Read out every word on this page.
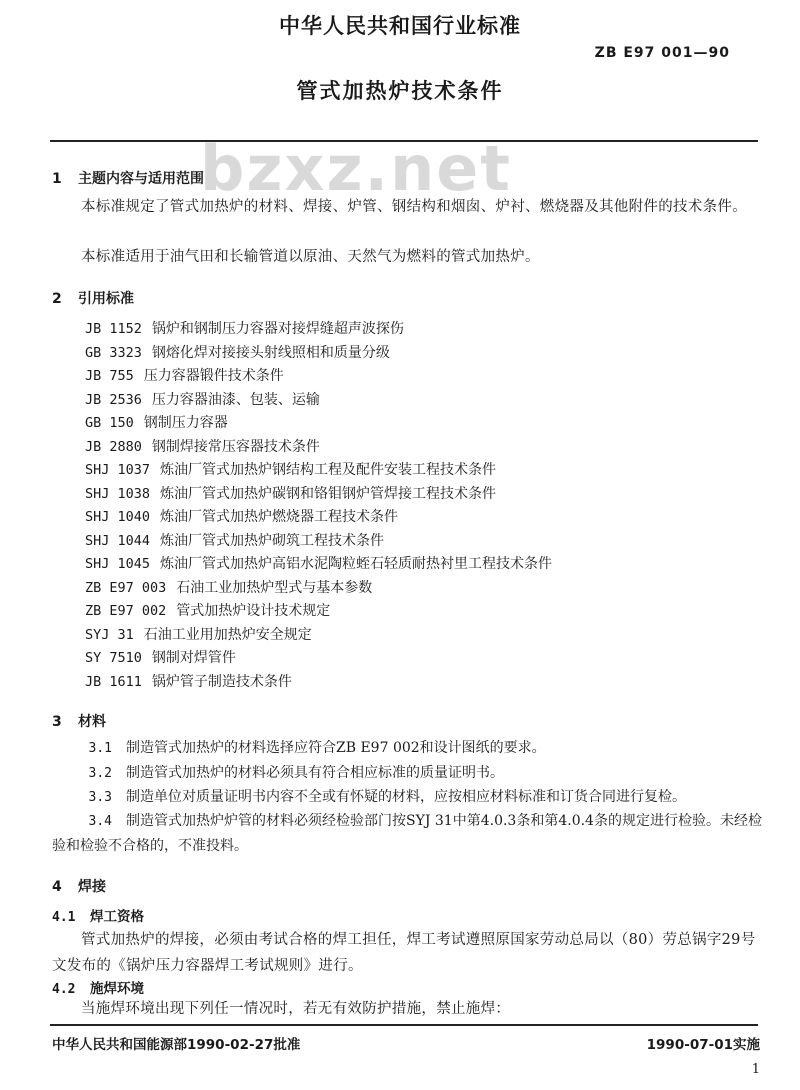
中华人民共和国行业标准
ZB E97 001—90
管式加热炉技术条件
bzxz.net
1 主题内容与适用范围
本标准规定了管式加热炉的材料、焊接、炉管、钢结构和烟囱、炉衬、燃烧器及其他附件的技术条件。
本标准适用于油气田和长输管道以原油、天然气为燃料的管式加热炉。
2 引用标准
JB 1152 锅炉和钢制压力容器对接焊缝超声波探伤
GB 3323 钢熔化焊对接接头射线照相和质量分级
JB 755 压力容器锻件技术条件
JB 2536 压力容器油漆、包装、运输
GB 150 钢制压力容器
JB 2880 钢制焊接常压容器技术条件
SHJ 1037 炼油厂管式加热炉钢结构工程及配件安装工程技术条件
SHJ 1038 炼油厂管式加热炉碳钢和铬钼钢炉管焊接工程技术条件
SHJ 1040 炼油厂管式加热炉燃烧器工程技术条件
SHJ 1044 炼油厂管式加热炉砌筑工程技术条件
SHJ 1045 炼油厂管式加热炉高铝水泥陶粒蛭石轻质耐热衬里工程技术条件
ZB E97 003 石油工业加热炉型式与基本参数
ZB E97 002 管式加热炉设计技术规定
SYJ 31 石油工业用加热炉安全规定
SY 7510 钢制对焊管件
JB 1611 锅炉管子制造技术条件
3 材料
3.1 制造管式加热炉的材料选择应符合ZB E97 002和设计图纸的要求。
3.2 制造管式加热炉的材料必须具有符合相应标准的质量证明书。
3.3 制造单位对质量证明书内容不全或有怀疑的材料，应按相应材料标准和订货合同进行复检。
3.4 制造管式加热炉炉管的材料必须经检验部门按SYJ 31中第4.0.3条和第4.0.4条的规定进行检验。未经检验和检验不合格的，不准投料。
4 焊接
4.1 焊工资格
管式加热炉的焊接，必须由考试合格的焊工担任，焊工考试遵照原国家劳动总局以（80）劳总锅字29号文发布的《锅炉压力容器焊工考试规则》进行。
4.2 施焊环境
当施焊环境出现下列任一情况时，若无有效防护措施，禁止施焊：
中华人民共和国能源部1990-02-27批准	1990-07-01实施
1
